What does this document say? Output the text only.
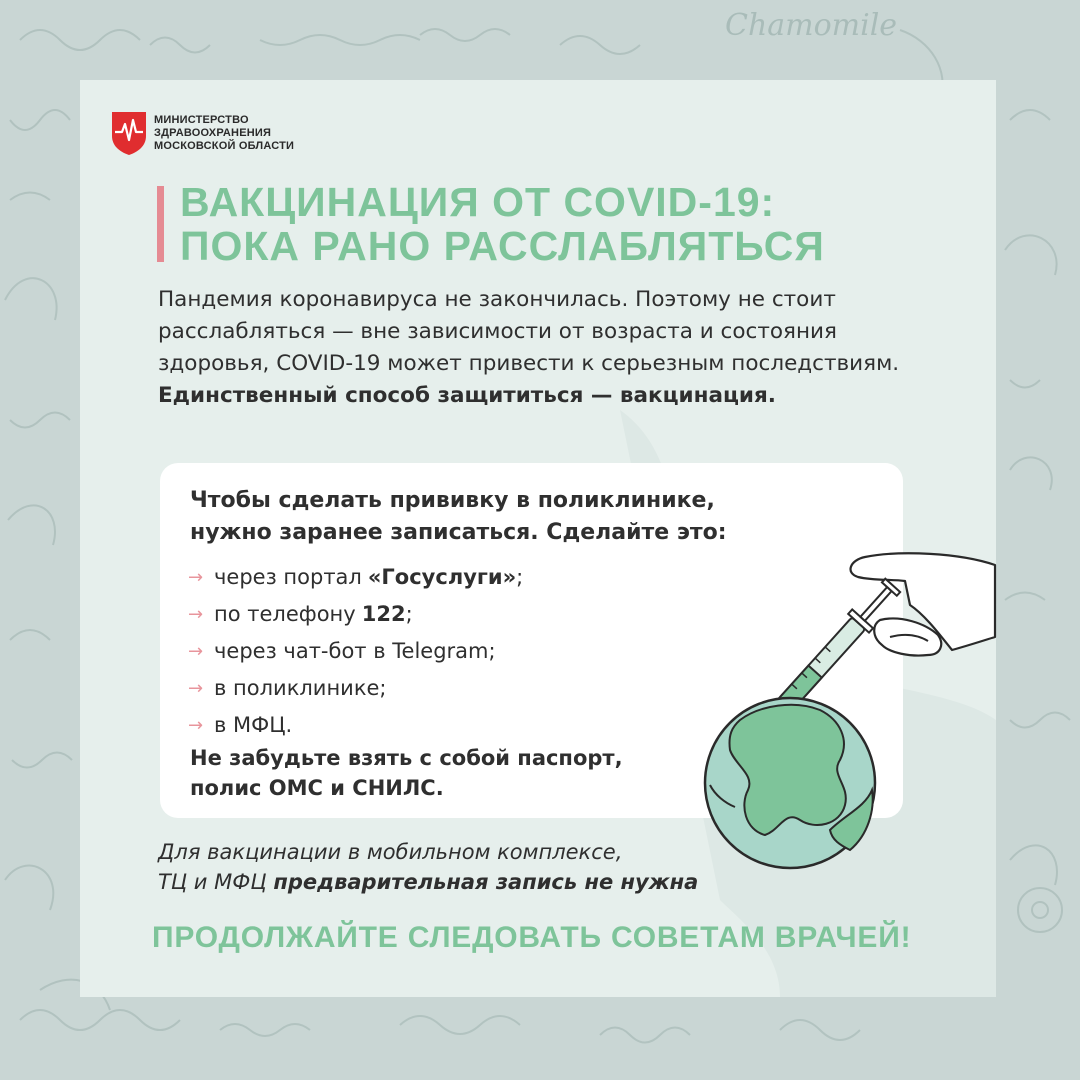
Chamomile
МИНИСТЕРСТВО
ЗДРАВООХРАНЕНИЯ
МОСКОВСКОЙ ОБЛАСТИ
ВАКЦИНАЦИЯ ОТ COVID-19:
ПОКА РАНО РАССЛАБЛЯТЬСЯ
Пандемия коронавируса не закончилась. Поэтому не стоит расслабляться — вне зависимости от возраста и состояния здоровья, COVID-19 может привести к серьезным последствиям. Единственный способ защититься — вакцинация.
Чтобы сделать прививку в поликлинике,
нужно заранее записаться. Сделайте это:
→ через портал «Госуслуги» ;
→ по телефону 122 ;
→ через чат-бот в Telegram;
→ в поликлинике;
→ в МФЦ.
Не забудьте взять с собой паспорт,
полис ОМС и СНИЛС.
Для вакцинации в мобильном комплексе,
ТЦ и МФЦ предварительная запись не нужна
ПРОДОЛЖАЙТЕ СЛЕДОВАТЬ СОВЕТАМ ВРАЧЕЙ!
